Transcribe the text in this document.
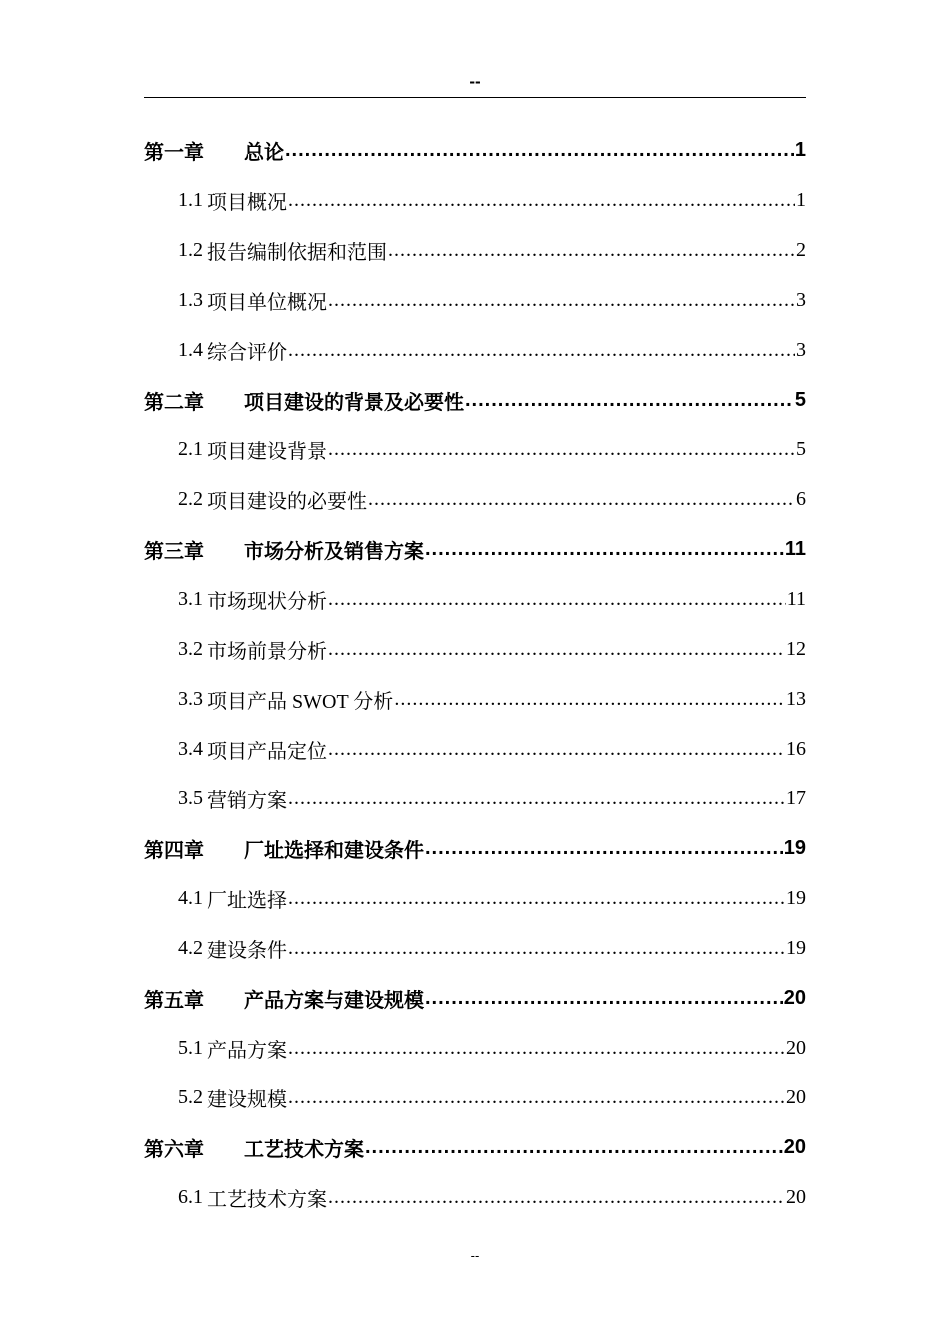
--
第一章	总论 .....	1
1.1 项目概况 .....	1
1.2 报告编制依据和范围 .....	2
1.3 项目单位概况 .....	3
1.4 综合评价 .....	3
第二章	项目建设的背景及必要性 .....	5
2.1 项目建设背景 .....	5
2.2 项目建设的必要性 .....	6
第三章	市场分析及销售方案 .....	11
3.1 市场现状分析 .....	11
3.2 市场前景分析 .....	12
3.3 项目产品 SWOT 分析 .....	13
3.4 项目产品定位 .....	16
3.5 营销方案 .....	17
第四章	厂址选择和建设条件 .....	19
4.1 厂址选择 .....	19
4.2 建设条件 .....	19
第五章	产品方案与建设规模 .....	20
5.1 产品方案 .....	20
5.2 建设规模 .....	20
第六章	工艺技术方案 .....	20
6.1 工艺技术方案 .....	20
--
